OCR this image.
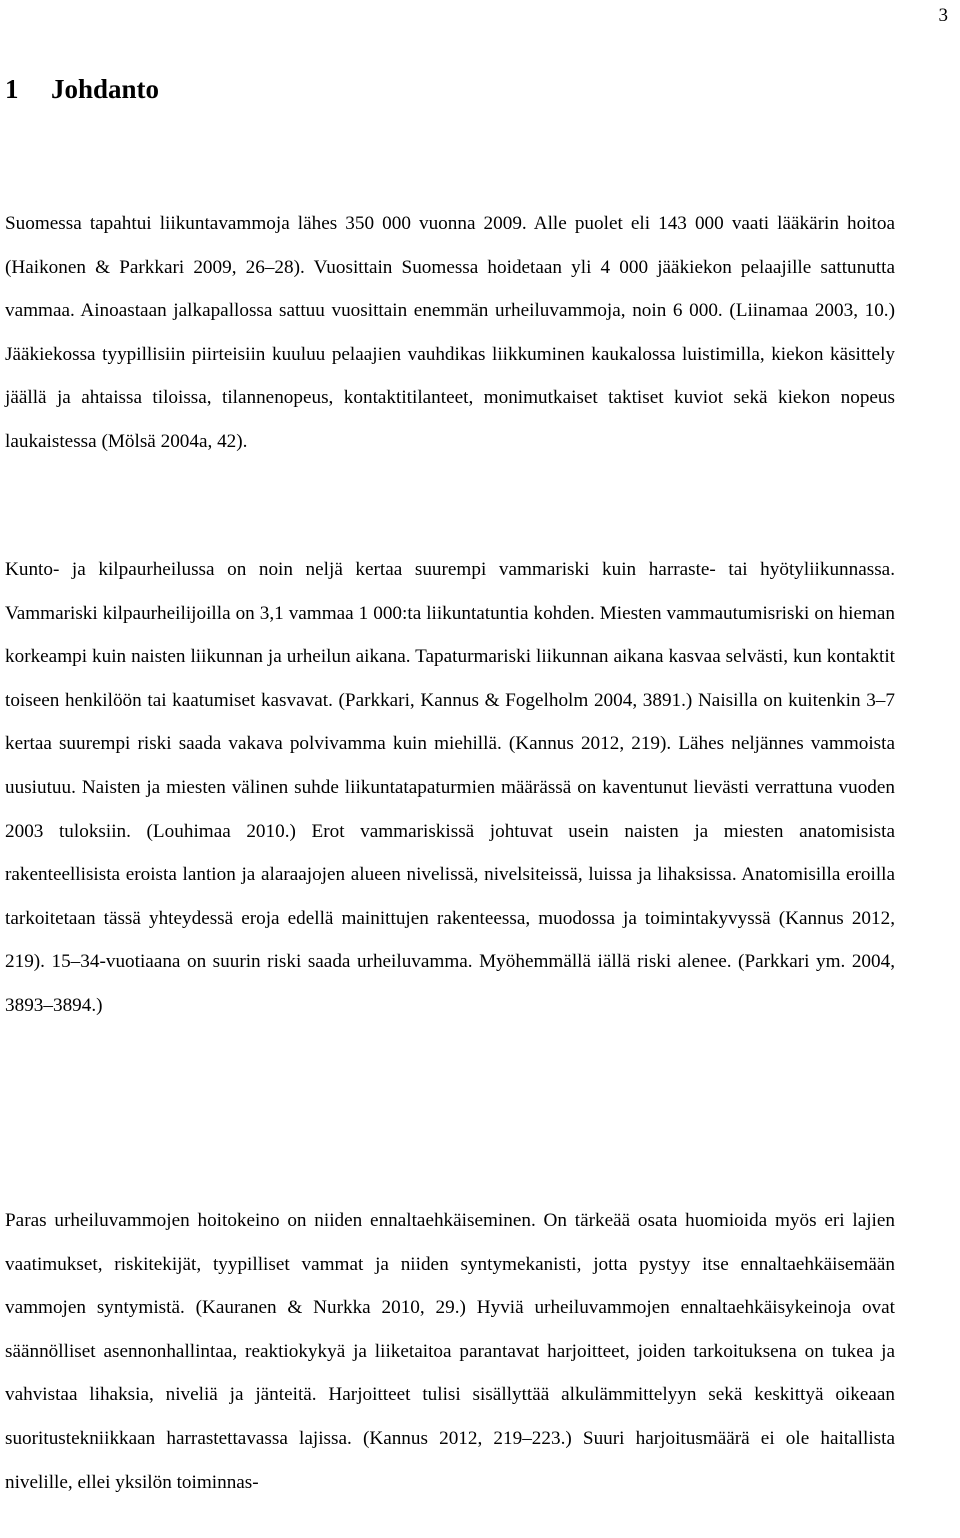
3
1 Johdanto

Suomessa tapahtui liikuntavammoja lähes 350 000 vuonna 2009. Alle puolet eli 143 000 vaati lääkärin hoitoa (Haikonen & Parkkari 2009, 26–28). Vuosittain Suomessa hoidetaan yli 4 000 jääkiekon pelaajille sattunutta vammaa. Ainoastaan jalkapallossa sattuu vuosittain enemmän urheiluvammoja, noin 6 000. (Liinamaa 2003, 10.) Jääkiekossa tyypillisiin piirteisiin kuuluu pelaajien vauhdikas liikkuminen kaukalossa luistimilla, kiekon käsittely jäällä ja ahtaissa tiloissa, tilannenopeus, kontaktitilanteet, monimutkaiset taktiset kuviot sekä kiekon nopeus laukaistessa (Mölsä 2004a, 42).

Kunto- ja kilpaurheilussa on noin neljä kertaa suurempi vammariski kuin harraste- tai hyötyliikunnassa. Vammariski kilpaurheilijoilla on 3,1 vammaa 1 000:ta liikuntatuntia kohden. Miesten vammautumisriski on hieman korkeampi kuin naisten liikunnan ja urheilun aikana. Tapaturmariski liikunnan aikana kasvaa selvästi, kun kontaktit toiseen henkilöön tai kaatumiset kasvavat. (Parkkari, Kannus & Fogelholm 2004, 3891.) Naisilla on kuitenkin 3–7 kertaa suurempi riski saada vakava polvivamma kuin miehillä. (Kannus 2012, 219). Lähes neljännes vammoista uusiutuu. Naisten ja miesten välinen suhde liikuntatapaturmien määrässä on kaventunut lievästi verrattuna vuoden 2003 tuloksiin. (Louhimaa 2010.) Erot vammariskissä johtuvat usein naisten ja miesten anatomisista rakenteellisista eroista lantion ja alaraajojen alueen nivelissä, nivelsiteissä, luissa ja lihaksissa. Anatomisilla eroilla tarkoitetaan tässä yhteydessä eroja edellä mainittujen rakenteessa, muodossa ja toimintakyvyssä (Kannus 2012, 219). 15–34-vuotiaana on suurin riski saada urheiluvamma. Myöhemmällä iällä riski alenee. (Parkkari ym. 2004, 3893–3894.)

Paras urheiluvammojen hoitokeino on niiden ennaltaehkäiseminen. On tärkeää osata huomioida myös eri lajien vaatimukset, riskitekijät, tyypilliset vammat ja niiden syntymekanisti, jotta pystyy itse ennaltaehkäisemään vammojen syntymistä. (Kauranen & Nurkka 2010, 29.) Hyviä urheiluvammojen ennaltaehkäisykeinoja ovat säännölliset asennonhallintaa, reaktiokykyä ja liiketaitoa parantavat harjoitteet, joiden tarkoituksena on tukea ja vahvistaa lihaksia, niveliä ja jänteitä. Harjoitteet tulisi sisällyttää alkulämmittelyyn sekä keskittyä oikeaan suoritustekniikkaan harrastettavassa lajissa. (Kannus 2012, 219–223.) Suuri harjoitusmäärä ei ole haitallista nivelille, ellei yksilön toiminnas-
